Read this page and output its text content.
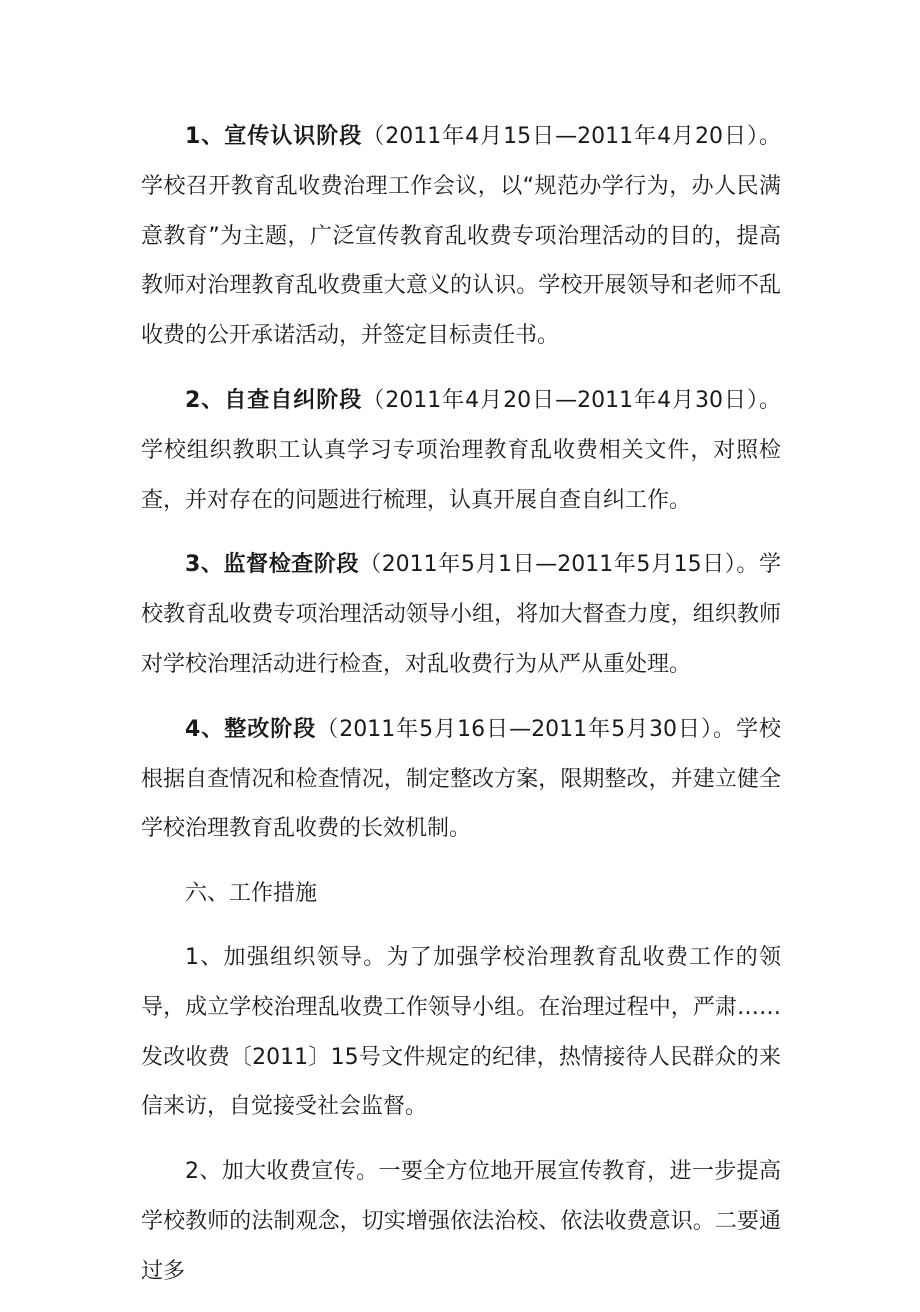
1、宣传认识阶段（2011年4月15日—2011年4月20日）。学校召开教育乱收费治理工作会议，以“规范办学行为，办人民满意教育”为主题，广泛宣传教育乱收费专项治理活动的目的，提高教师对治理教育乱收费重大意义的认识。学校开展领导和老师不乱收费的公开承诺活动，并签定目标责任书。

2、自查自纠阶段（2011年4月20日—2011年4月30日）。学校组织教职工认真学习专项治理教育乱收费相关文件，对照检查，并对存在的问题进行梳理，认真开展自查自纠工作。

3、监督检查阶段（2011年5月1日—2011年5月15日）。学校教育乱收费专项治理活动领导小组，将加大督查力度，组织教师对学校治理活动进行检查，对乱收费行为从严从重处理。

4、整改阶段（2011年5月16日—2011年5月30日）。学校根据自查情况和检查情况，制定整改方案，限期整改，并建立健全学校治理教育乱收费的长效机制。

六、工作措施

1、加强组织领导。为了加强学校治理教育乱收费工作的领导，成立学校治理乱收费工作领导小组。在治理过程中，严肃……发改收费〔2011〕15号文件规定的纪律，热情接待人民群众的来信来访，自觉接受社会监督。

2、加大收费宣传。一要全方位地开展宣传教育，进一步提高学校教师的法制观念，切实增强依法治校、依法收费意识。二要通过多
